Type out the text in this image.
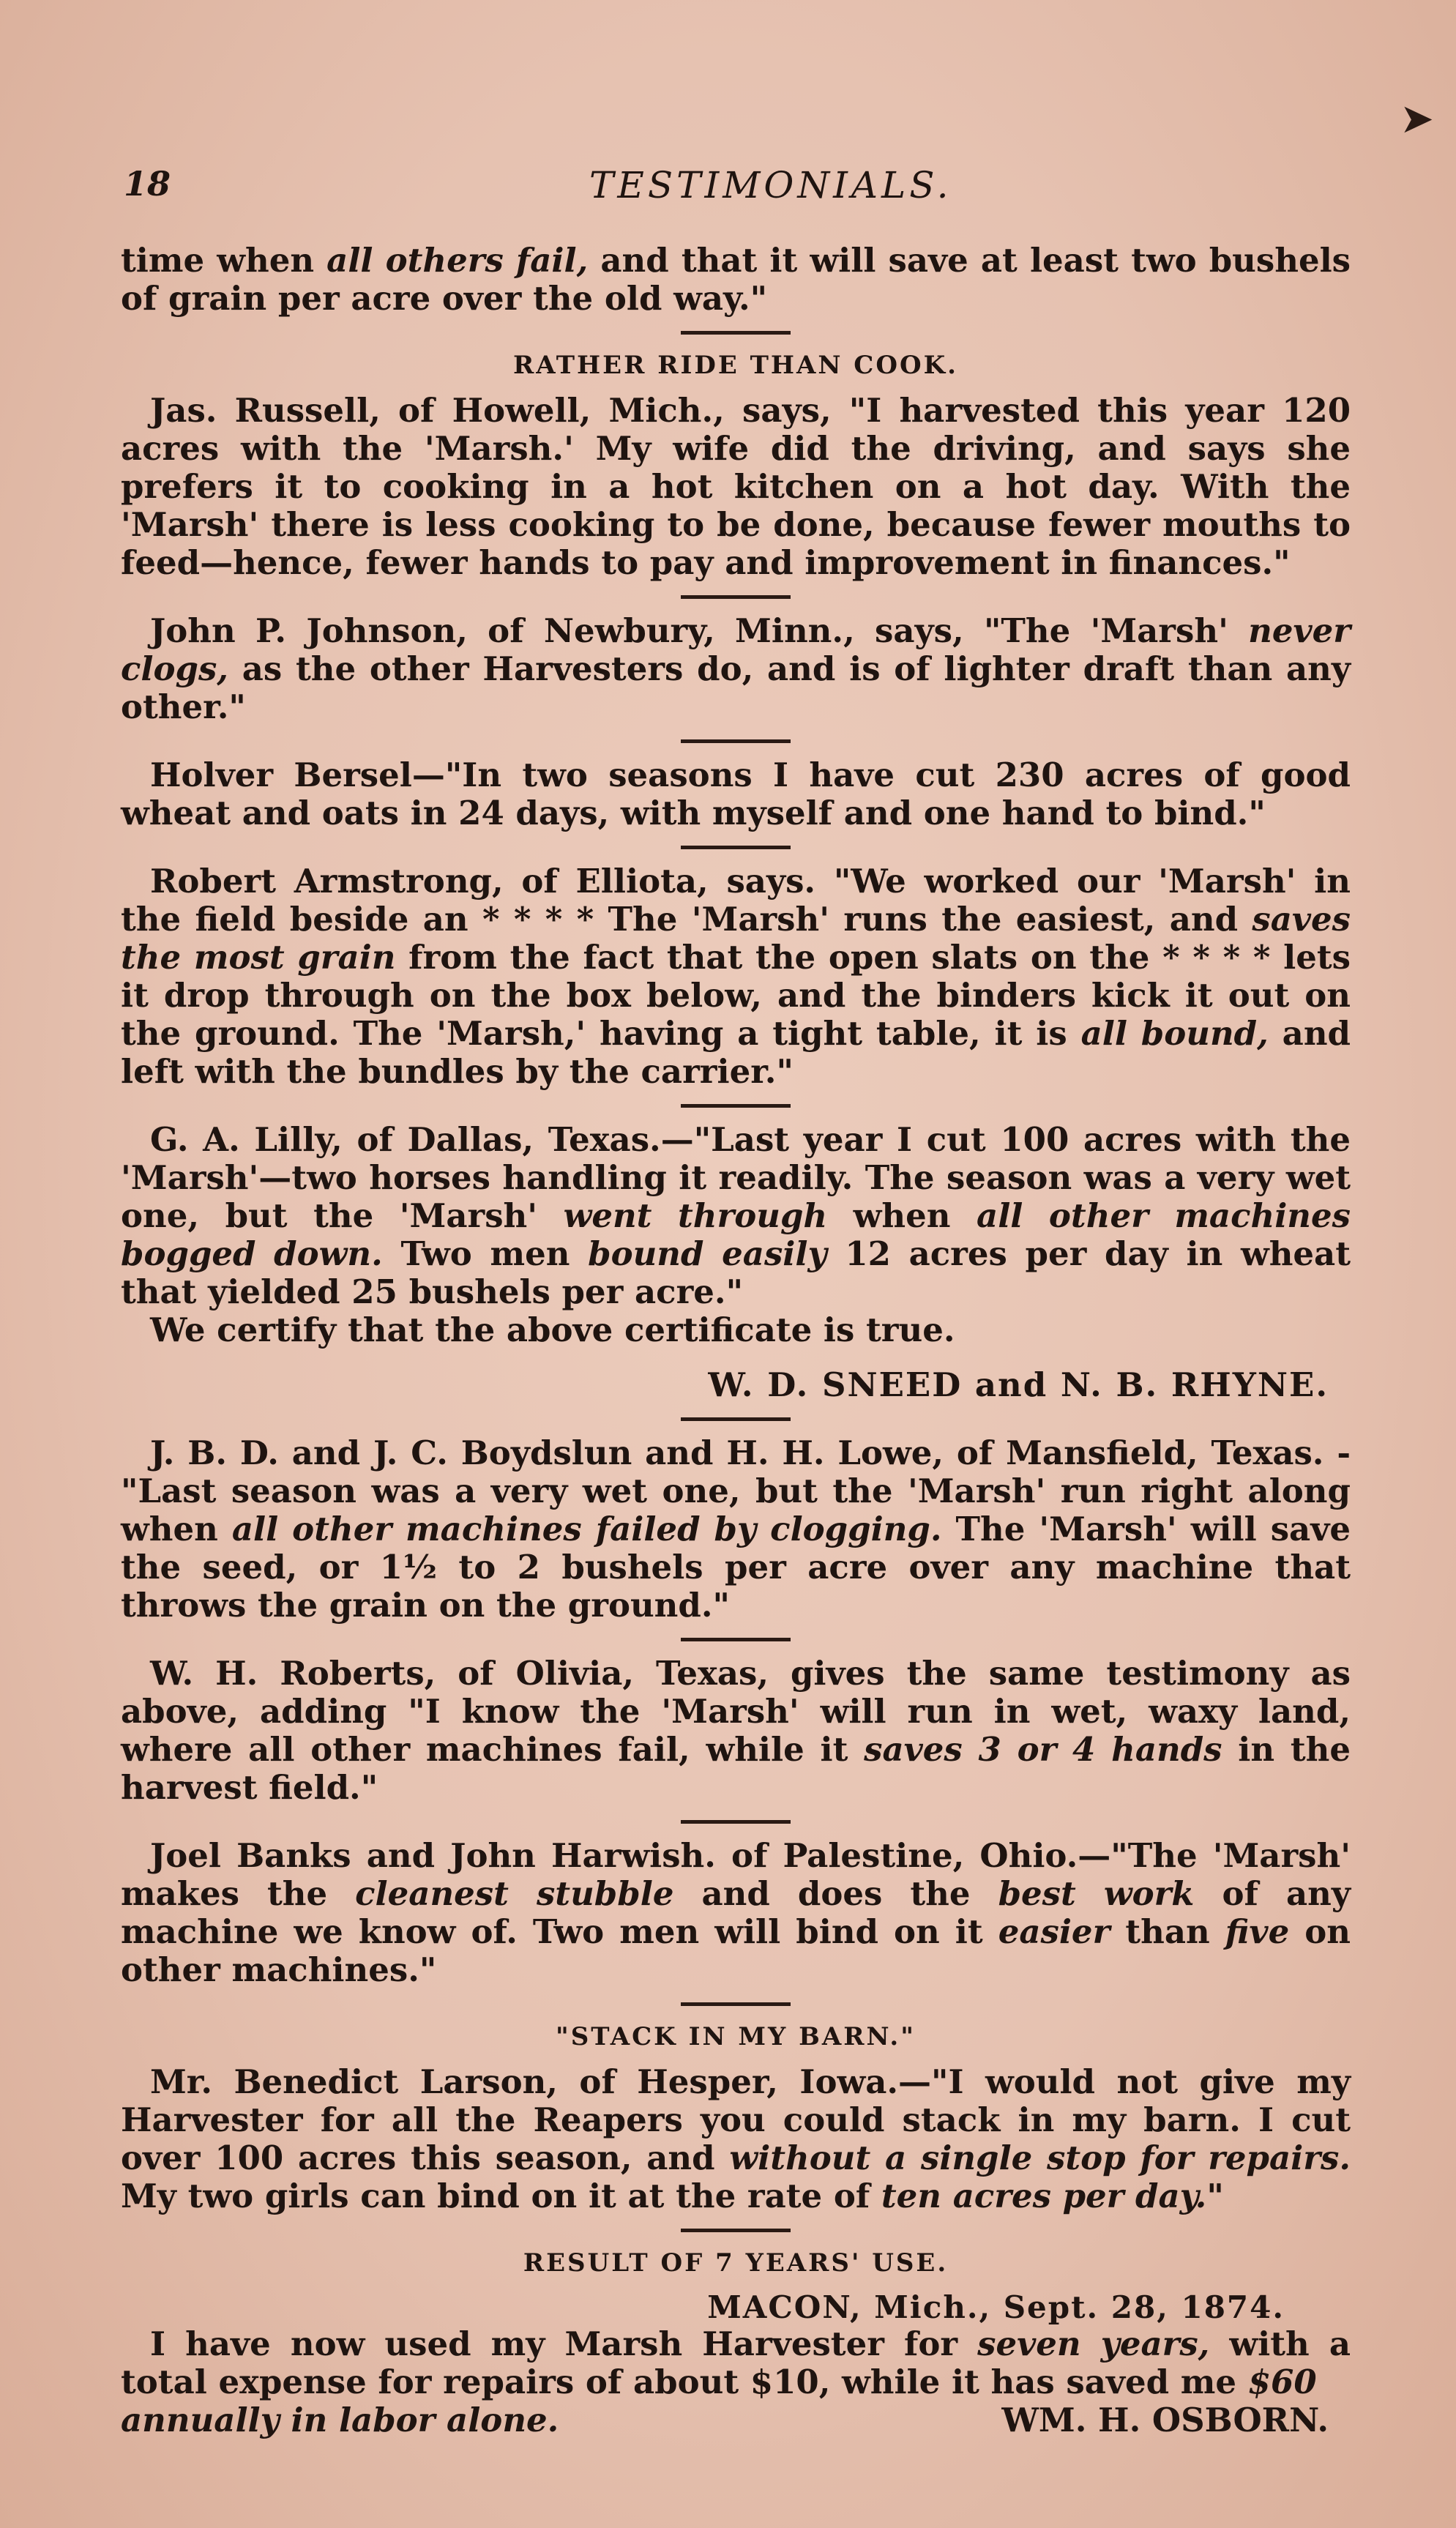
➤
18	TESTIMONIALS.

time when all others fail, and that it will save at least two bushels of grain per acre over the old way."

RATHER RIDE THAN COOK.

Jas. Russell, of Howell, Mich., says, "I harvested this year 120 acres with the 'Marsh.' My wife did the driving, and says she prefers it to cooking in a hot kitchen on a hot day. With the 'Marsh' there is less cooking to be done, because fewer mouths to feed—hence, fewer hands to pay and improvement in finances."

John P. Johnson, of Newbury, Minn., says, "The 'Marsh' never clogs, as the other Harvesters do, and is of lighter draft than any other."

Holver Bersel—"In two seasons I have cut 230 acres of good wheat and oats in 24 days, with myself and one hand to bind."

Robert Armstrong, of Elliota, says. "We worked our 'Marsh' in the field beside an * * * * The 'Marsh' runs the easiest, and saves the most grain from the fact that the open slats on the * * * * lets it drop through on the box below, and the binders kick it out on the ground. The 'Marsh,' having a tight table, it is all bound, and left with the bundles by the carrier."

G. A. Lilly, of Dallas, Texas.—"Last year I cut 100 acres with the 'Marsh'—two horses handling it readily. The season was a very wet one, but the 'Marsh' went through when all other machines bogged down. Two men bound easily 12 acres per day in wheat that yielded 25 bushels per acre."

We certify that the above certificate is true.

W. D. SNEED and N. B. RHYNE.

J. B. D. and J. C. Boydslun and H. H. Lowe, of Mansfield, Texas. -"Last season was a very wet one, but the 'Marsh' run right along when all other machines failed by clogging. The 'Marsh' will save the seed, or 1½ to 2 bushels per acre over any machine that throws the grain on the ground."

W. H. Roberts, of Olivia, Texas, gives the same testimony as above, adding "I know the 'Marsh' will run in wet, waxy land, where all other machines fail, while it saves 3 or 4 hands in the harvest field."

Joel Banks and John Harwish. of Palestine, Ohio.—"The 'Marsh' makes the cleanest stubble and does the best work of any machine we know of. Two men will bind on it easier than five on other machines."

"STACK IN MY BARN."

Mr. Benedict Larson, of Hesper, Iowa.—"I would not give my Harvester for all the Reapers you could stack in my barn. I cut over 100 acres this season, and without a single stop for repairs. My two girls can bind on it at the rate of ten acres per day."

RESULT OF 7 YEARS' USE.
MACON, Mich., Sept. 28, 1874.

I have now used my Marsh Harvester for seven years, with a total expense for repairs of about $10, while it has saved me $60

annually in labor alone.	WM. H. OSBORN.
